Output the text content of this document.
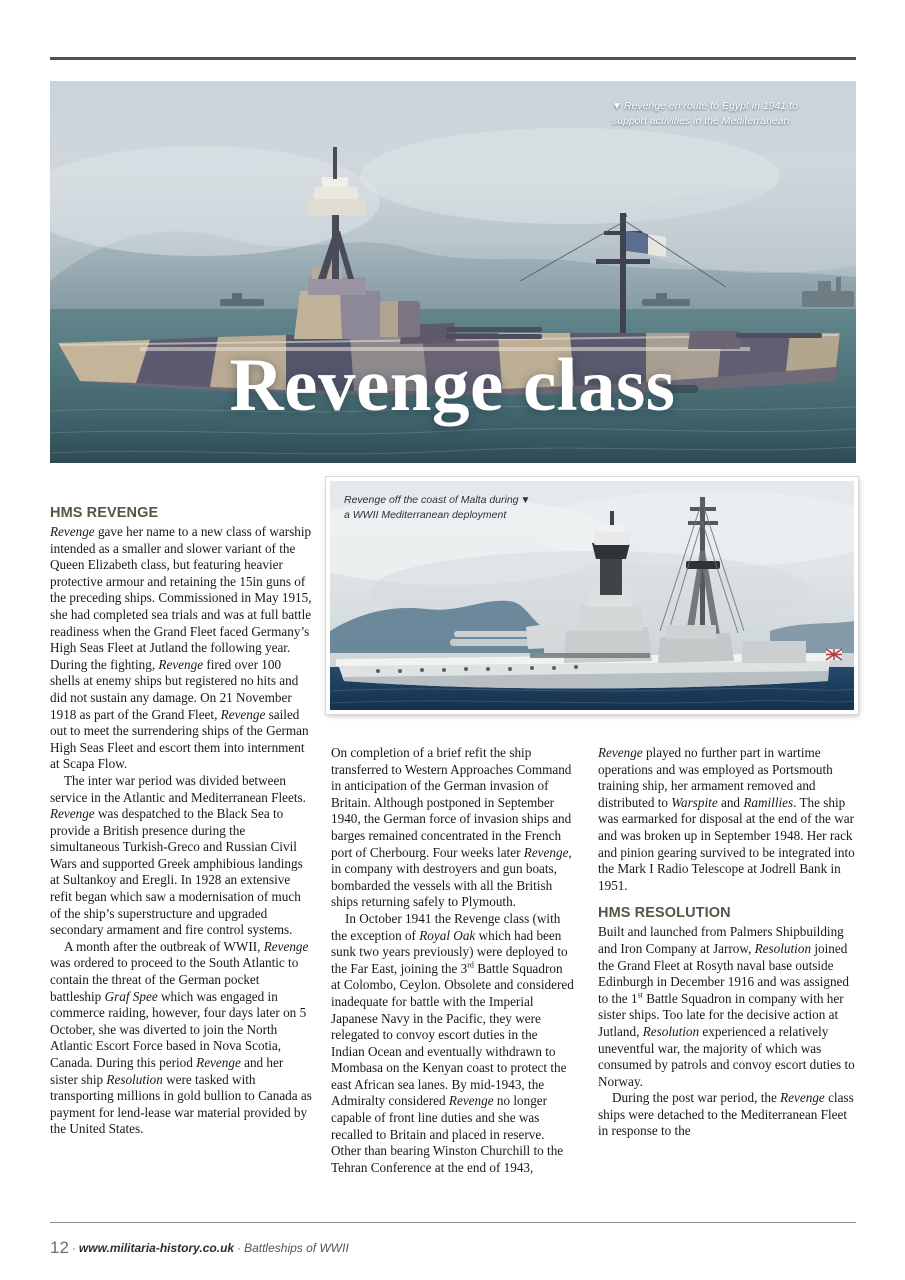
▼ Revenge en route to Egypt in 1941 to
support activities in the Mediterranean
Revenge class
HMS REVENGE

Revenge gave her name to a new class of warship intended as a smaller and slower variant of the Queen Elizabeth class, but featuring heavier protective armour and retaining the 15in guns of the preceding ships. Commissioned in May 1915, she had completed sea trials and was at full battle readiness when the Grand Fleet faced Germany’s High Seas Fleet at Jutland the following year. During the fighting, Revenge fired over 100 shells at enemy ships but registered no hits and did not sustain any damage. On 21 November 1918 as part of the Grand Fleet, Revenge sailed out to meet the surrendering ships of the German High Seas Fleet and escort them into internment at Scapa Flow.

The inter war period was divided between service in the Atlantic and Mediterranean Fleets. Revenge was despatched to the Black Sea to provide a British presence during the simultaneous Turkish-Greco and Russian Civil Wars and supported Greek amphibious landings at Sultankoy and Eregli. In 1928 an extensive refit began which saw a modernisation of much of the ship’s superstructure and upgraded secondary armament and fire control systems.

A month after the outbreak of WWII, Revenge was ordered to proceed to the South Atlantic to contain the threat of the German pocket battleship Graf Spee which was engaged in commerce raiding, however, four days later on 5 October, she was diverted to join the North Atlantic Escort Force based in Nova Scotia, Canada. During this period Revenge and her sister ship Resolution were tasked with transporting millions in gold bullion to Canada as payment for lend-lease war material provided by the United States.

Revenge off the coast of Malta during ▼
a WWII Mediterranean deployment

On completion of a brief refit the ship transferred to Western Approaches Command in anticipation of the German invasion of Britain. Although postponed in September 1940, the German force of invasion ships and barges remained concentrated in the French port of Cherbourg. Four weeks later Revenge, in company with destroyers and gun boats, bombarded the vessels with all the British ships returning safely to Plymouth.

In October 1941 the Revenge class (with the exception of Royal Oak which had been sunk two years previously) were deployed to the Far East, joining the 3rd Battle Squadron at Colombo, Ceylon. Obsolete and considered inadequate for battle with the Imperial Japanese Navy in the Pacific, they were relegated to convoy escort duties in the Indian Ocean and eventually withdrawn to Mombasa on the Kenyan coast to protect the east African sea lanes. By mid-1943, the Admiralty considered Revenge no longer capable of front line duties and she was recalled to Britain and placed in reserve. Other than bearing Winston Churchill to the Tehran Conference at the end of 1943,

Revenge played no further part in wartime operations and was employed as Portsmouth training ship, her armament removed and distributed to Warspite and Ramillies. The ship was earmarked for disposal at the end of the war and was broken up in September 1948. Her rack and pinion gearing survived to be integrated into the Mark I Radio Telescope at Jodrell Bank in 1951.

HMS RESOLUTION

Built and launched from Palmers Shipbuilding and Iron Company at Jarrow, Resolution joined the Grand Fleet at Rosyth naval base outside Edinburgh in December 1916 and was assigned to the 1st Battle Squadron in company with her sister ships. Too late for the decisive action at Jutland, Resolution experienced a relatively uneventful war, the majority of which was consumed by patrols and convoy escort duties to Norway.

During the post war period, the Revenge class ships were detached to the Mediterranean Fleet in response to the

12 · www.militaria-history.co.uk · Battleships of WWII
